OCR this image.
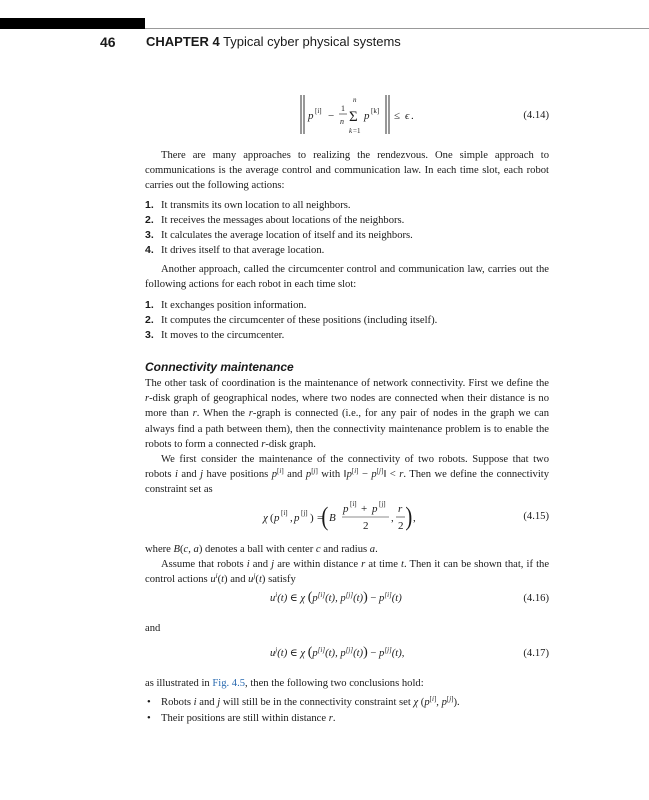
46 CHAPTER 4 Typical cyber physical systems
p [i] −
1
n
n
Σ
k =1
p [k] ≤ ϵ .	(4.14)

There are many approaches to realizing the rendezvous. One simple approach to communications is the average control and communication law. In each time slot, each robot carries out the following actions:

1. It transmits its own location to all neighbors.
2. It receives the messages about locations of the neighbors.
3. It calculates the average location of itself and its neighbors.
4. It drives itself to that average location.

Another approach, called the circumcenter control and communication law, carries out the following actions for each robot in each time slot:

1. It exchanges position information.
2. It computes the circumcenter of these positions (including itself).
3. It moves to the circumcenter.
Connectivity maintenance

The other task of coordination is the maintenance of network connectivity. First we define the r-disk graph of geographical nodes, where two nodes are connected when their distance is no more than r. When the r-graph is connected (i.e., for any pair of nodes in the graph we can always find a path between them), then the connectivity maintenance problem is to enable the robots to form a connected r-disk graph.

We first consider the maintenance of the connectivity of two robots. Suppose that two robots i and j have positions p[i] and p[j] with ‖p[i] − p[j]‖ < r. Then we define the connectivity constraint set as

χ ( p [i] , p [j] ) = B
( p [i] + p [j]
2
,
r
2 ) ,	(4.15)

where B(c, a) denotes a ball with center c and radius a.

Assume that robots i and j are within distance r at time t. Then it can be shown that, if the control actions $u^i(t)$ and $u^j(t)$ satisfy

$u^i(t)$ ∈ χ (p[i](t), p[j](t)) − p[i](t)	(4.16)

and

$u^j(t)$ ∈ χ (p[i](t), p[j](t)) − p[j](t),	(4.17)

as illustrated in Fig. 4.5, then the following two conclusions hold:

• Robots i and j will still be in the connectivity constraint set χ (p[i], p[j]).
• Their positions are still within distance r.
